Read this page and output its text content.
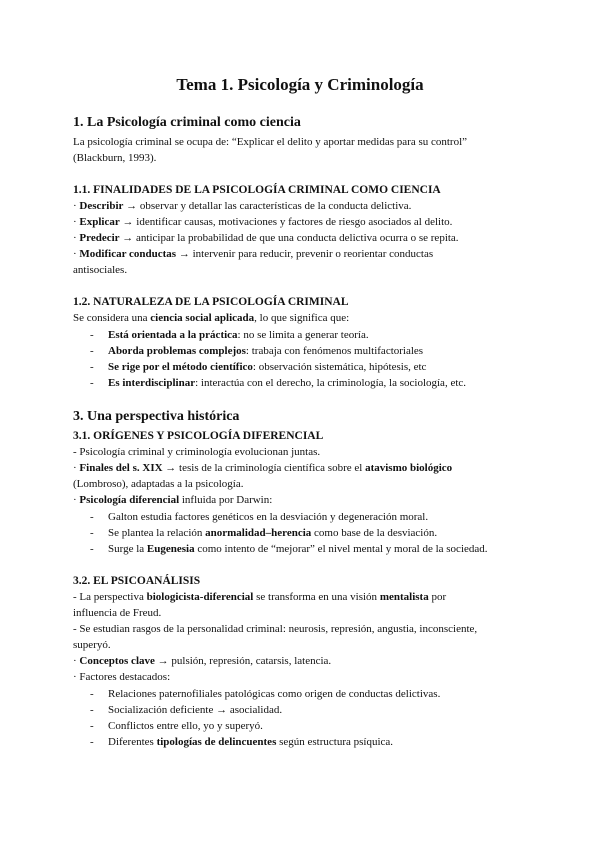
Tema 1. Psicología y Criminología
1. La Psicología criminal como ciencia
La psicología criminal se ocupa de: “Explicar el delito y aportar medidas para su control”
(Blackburn, 1993).
1.1. FINALIDADES DE LA PSICOLOGÍA CRIMINAL COMO CIENCIA
· Describir → observar y detallar las características de la conducta delictiva.
· Explicar → identificar causas, motivaciones y factores de riesgo asociados al delito.
· Predecir → anticipar la probabilidad de que una conducta delictiva ocurra o se repita.
· Modificar conductas → intervenir para reducir, prevenir o reorientar conductas
antisociales.
1.2. NATURALEZA DE LA PSICOLOGÍA CRIMINAL
Se considera una ciencia social aplicada, lo que significa que:
-	Está orientada a la práctica: no se limita a generar teoría.
-	Aborda problemas complejos: trabaja con fenómenos multifactoriales
-	Se rige por el método científico: observación sistemática, hipótesis, etc
-	Es interdisciplinar: interactúa con el derecho, la criminología, la sociología, etc.
3. Una perspectiva histórica
3.1. ORÍGENES Y PSICOLOGÍA DIFERENCIAL
- Psicología criminal y criminología evolucionan juntas.
· Finales del s. XIX → tesis de la criminología científica sobre el atavismo biológico
(Lombroso), adaptadas a la psicología.
· Psicología diferencial influida por Darwin:
-	Galton estudia factores genéticos en la desviación y degeneración moral.
-	Se plantea la relación anormalidad–herencia como base de la desviación.
-	Surge la Eugenesia como intento de “mejorar” el nivel mental y moral de la sociedad.
3.2. EL PSICOANÁLISIS
- La perspectiva biologicista-diferencial se transforma en una visión mentalista por
influencia de Freud.
- Se estudian rasgos de la personalidad criminal: neurosis, represión, angustia, inconsciente,
superyó.
· Conceptos clave → pulsión, represión, catarsis, latencia.
· Factores destacados:
-	Relaciones paternofiliales patológicas como origen de conductas delictivas.
-	Socialización deficiente → asocialidad.
-	Conflictos entre ello, yo y superyó.
-	Diferentes tipologías de delincuentes según estructura psíquica.
